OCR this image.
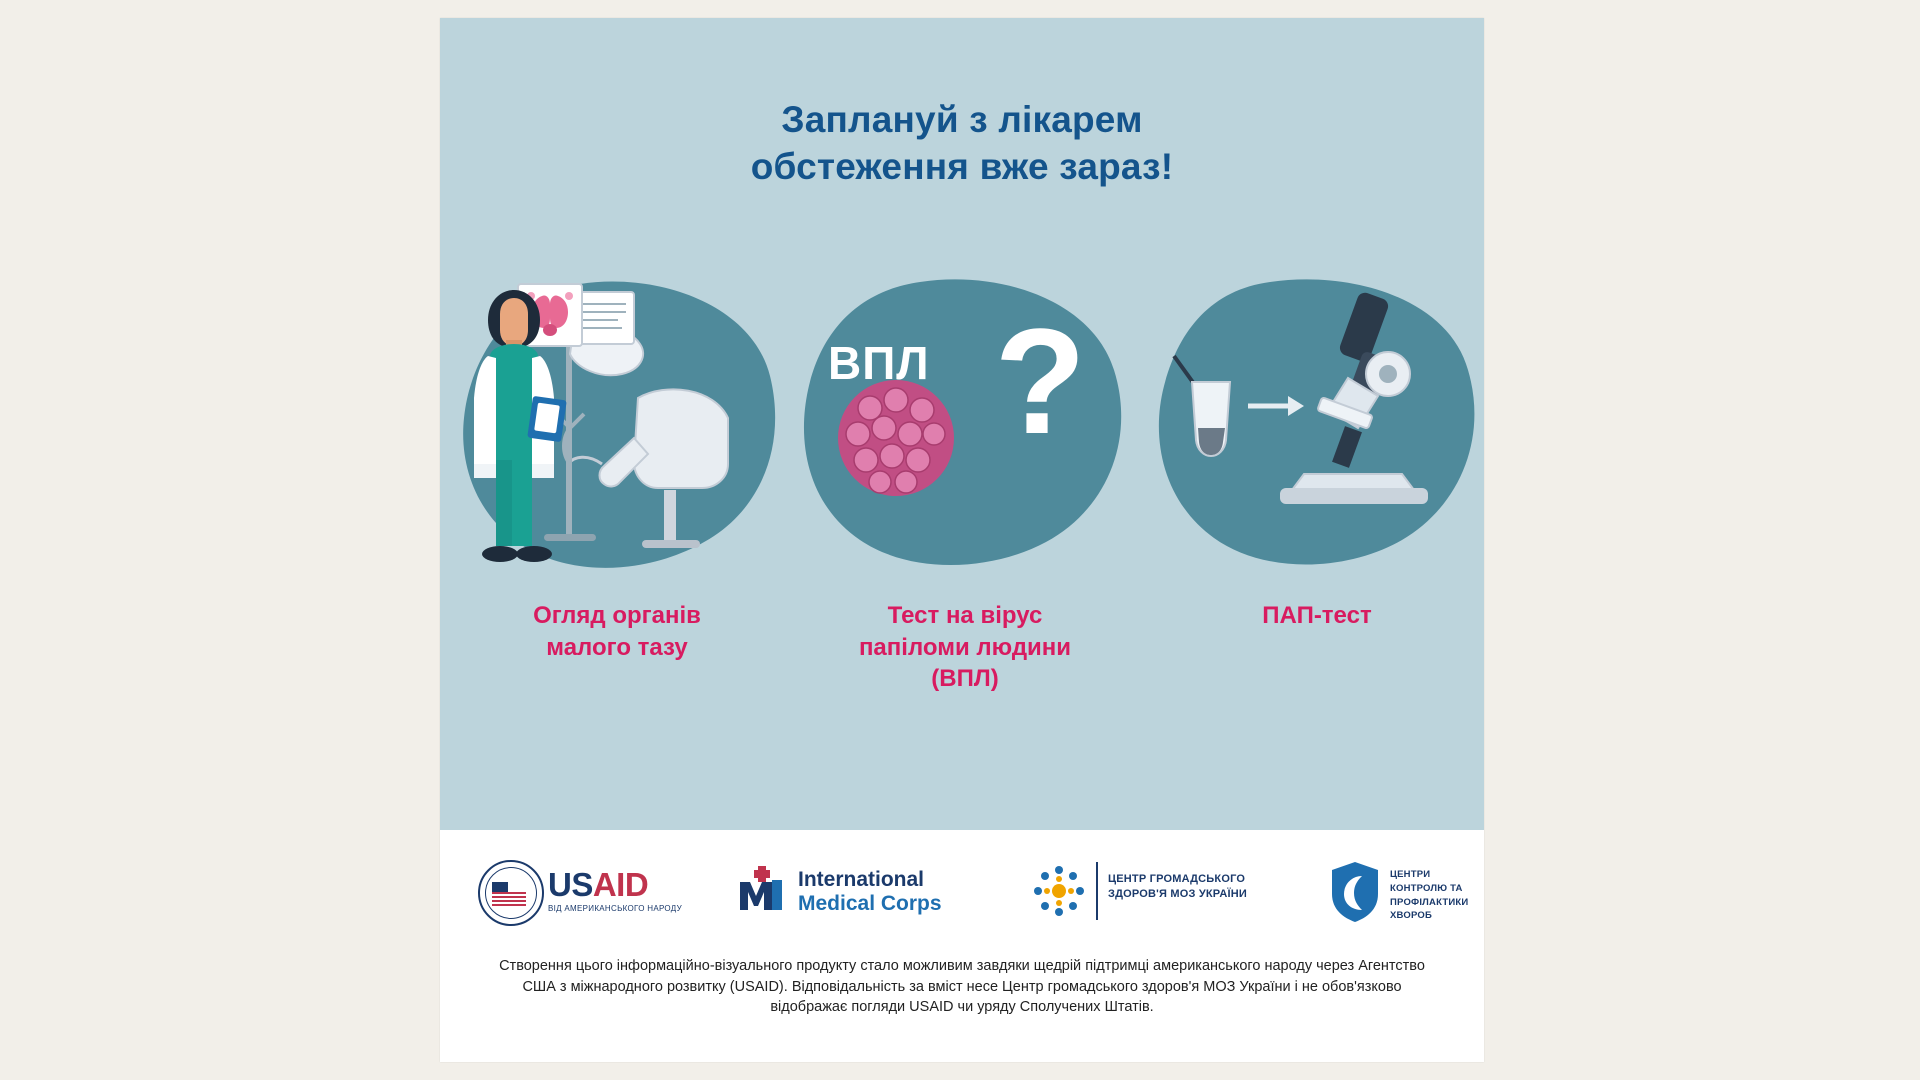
Заплануй з лікарем
обстеження вже зараз!
Огляд органів
малого тазу
ВПЛ ?
Тест на вірус
папіломи людини
(ВПЛ)
ПАП-тест
USAID
ВІД АМЕРИКАНСЬКОГО НАРОДУ
International
Medical Corps
ЦЕНТР ГРОМАДСЬКОГО
ЗДОРОВ'Я МОЗ УКРАЇНИ
ЦЕНТРИ
КОНТРОЛЮ ТА
ПРОФІЛАКТИКИ
ХВОРОБ
Створення цього інформаційно-візуального продукту стало можливим завдяки щедрій підтримці американського народу через Агентство США з міжнародного розвитку (USAID). Відповідальність за вміст несе Центр громадського здоров'я МОЗ України і не обов'язково відображає погляди USAID чи уряду Сполучених Штатів.
